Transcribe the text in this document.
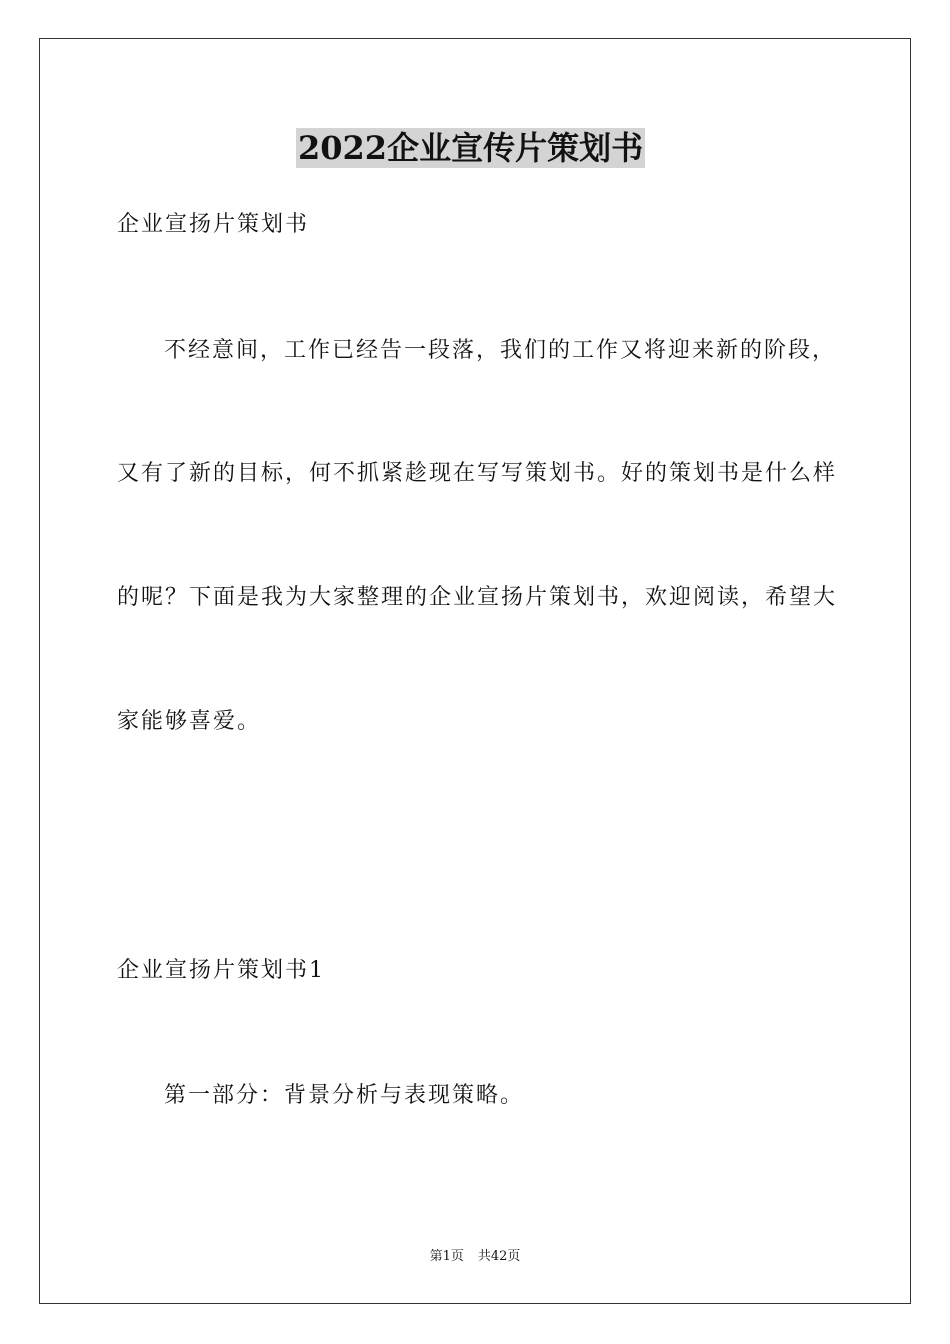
2022企业宣传片策划书
企业宣扬片策划书
不经意间，工作已经告一段落，我们的工作又将迎来新的阶段，
又有了新的目标，何不抓紧趁现在写写策划书。好的策划书是什么样
的呢？下面是我为大家整理的企业宣扬片策划书，欢迎阅读，希望大
家能够喜爱。
企业宣扬片策划书1
第一部分：背景分析与表现策略。
第1页 共42页
